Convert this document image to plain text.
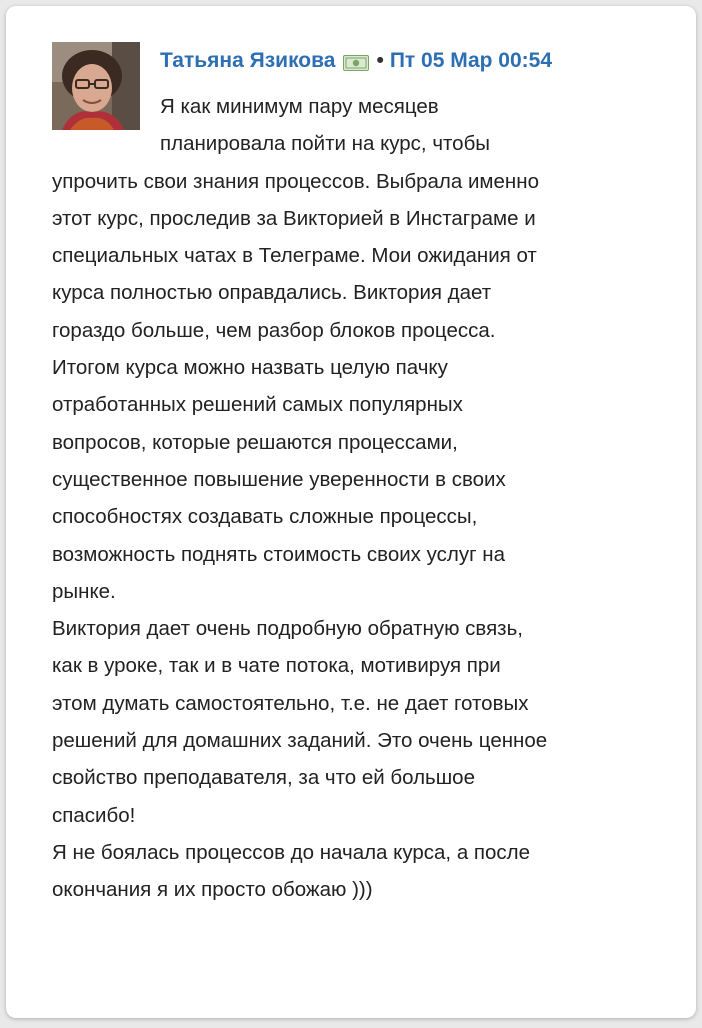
Татьяна Язикова • Пт 05 Мар 00:54
Я как минимум пару месяцев
планировала пойти на курс, чтобы
упрочить свои знания процессов. Выбрала именно
этот курс, проследив за Викторией в Инстаграме и
специальных чатах в Телеграме. Мои ожидания от
курса полностью оправдались. Виктория дает
гораздо больше, чем разбор блоков процесса.
Итогом курса можно назвать целую пачку
отработанных решений самых популярных
вопросов, которые решаются процессами,
существенное повышение уверенности в своих
способностях создавать сложные процессы,
возможность поднять стоимость своих услуг на
рынке.
Виктория дает очень подробную обратную связь,
как в уроке, так и в чате потока, мотивируя при
этом думать самостоятельно, т.е. не дает готовых
решений для домашних заданий. Это очень ценное
свойство преподавателя, за что ей большое
спасибо!
Я не боялась процессов до начала курса, а после
окончания я их просто обожаю )))
